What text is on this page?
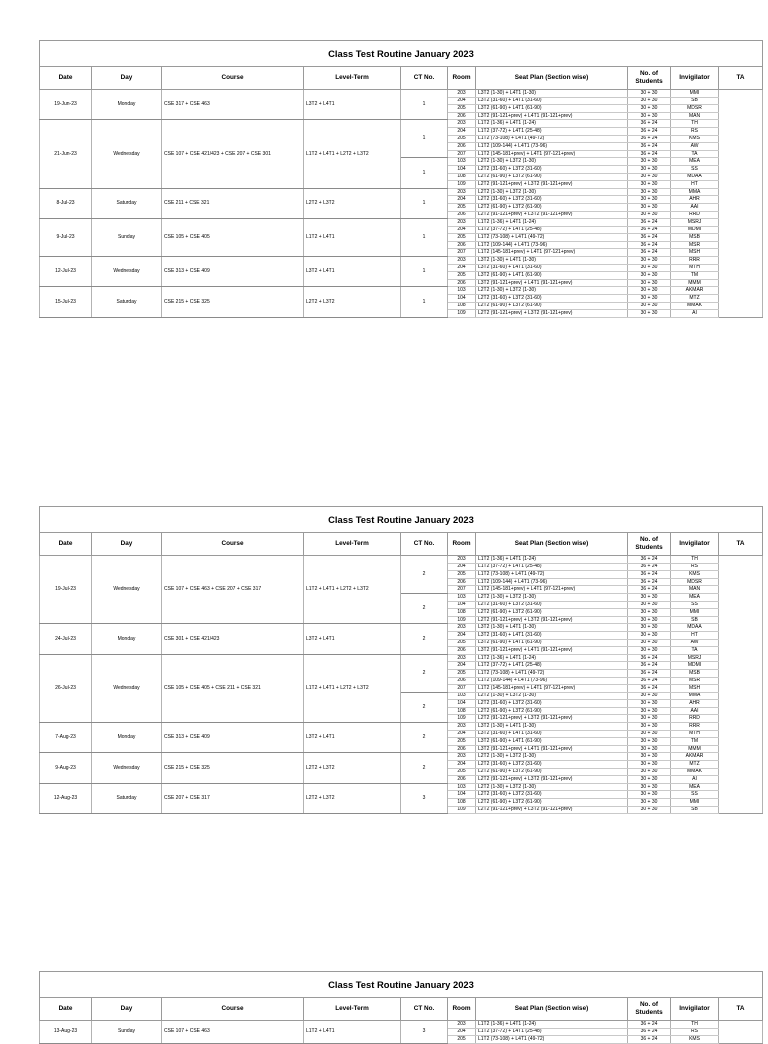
Class Test Routine January 2023									
Date	Day	Course	Level-Term	CT No.	Room	Seat Plan (Section wise)	No. of Students	Invigilator	TA
19-Jun-23	Monday	CSE 317 + CSE 463	L3T2 + L4T1	1	203	L3T2 (1-30) + L4T1 (1-30)	30 + 30	MMI	
					204	L3T2 (31-60) + L4T1 (31-60)	30 + 30	SB	
					205	L3T2 (61-90) + L4T1 (61-90)	30 + 30	MDSR	
					206	L3T2 (91-121+prev) + L4T1 (91-121+prev)	30 + 30	MAN	
21-Jun-23	Wednesday	CSE 107 + CSE 421/423 + CSE 207 + CSE 301	L1T2 + L4T1 + L2T2 + L3T2	1	203	L1T2 (1-36) + L4T1 (1-24)	36 + 24	TH	
					204	L1T2 (37-72) + L4T1 (25-48)	36 + 24	RS	
					205	L1T2 (73-108) + L4T1 (49-72)	36 + 24	KMS	
					206	L1T2 (109-144) + L4T1 (73-96)	36 + 24	AW	
					207	L1T2 (145-181+prev) + L4T1 (97-121+prev)	36 + 24	TA	
				1	103	L2T2 (1-30) + L3T2 (1-30)	30 + 30	MEA	
					104	L2T2 (31-60) + L3T2 (31-60)	30 + 30	SS	
					108	L2T2 (61-90) + L3T2 (61-90)	30 + 30	MDAA	
					109	L2T2 (91-121+prev) + L3T2 (91-121+prev)	30 + 30	HT	
8-Jul-23	Saturday	CSE 211 + CSE 321	L2T2 + L3T2	1	203	L2T2 (1-30) + L3T2 (1-30)	30 + 30	MMA	
					204	L2T2 (31-60) + L3T2 (31-60)	30 + 30	AHR	
					205	L2T2 (61-90) + L3T2 (61-90)	30 + 30	AAI	
					206	L2T2 (91-121+prev) + L3T2 (91-121+prev)	30 + 30	RRD	
9-Jul-23	Sunday	CSE 105 + CSE 405	L1T2 + L4T1	1	203	L1T2 (1-36) + L4T1 (1-24)	36 + 24	MSRJ	
					204	L1T2 (37-72) + L4T1 (25-48)	36 + 24	MDMI	
					205	L1T2 (73-108) + L4T1 (49-72)	36 + 24	MSB	
					206	L1T2 (109-144) + L4T1 (73-96)	36 + 24	MSR	
					207	L1T2 (145-181+prev) + L4T1 (97-121+prev)	36 + 24	MSH	
12-Jul-23	Wednesday	CSE 313 + CSE 409	L3T2 + L4T1	1	203	L3T2 (1-30) + L4T1 (1-30)	30 + 30	RRR	
					204	L3T2 (31-60) + L4T1 (31-60)	30 + 30	MTH	
					205	L3T2 (61-90) + L4T1 (61-90)	30 + 30	TM	
					206	L3T2 (91-121+prev) + L4T1 (91-121+prev)	30 + 30	MMM	
15-Jul-23	Saturday	CSE 215 + CSE 325	L2T2 + L3T2	1	103	L2T2 (1-30) + L3T2 (1-30)	30 + 30	AKMAR	
					104	L2T2 (31-60) + L3T2 (31-60)	30 + 30	MTZ	
					108	L2T2 (61-90) + L3T2 (61-90)	30 + 30	MMAK	
					109	L2T2 (91-121+prev) + L3T2 (91-121+prev)	30 + 30	AI	
Class Test Routine January 2023									
Date	Day	Course	Level-Term	CT No.	Room	Seat Plan (Section wise)	No. of Students	Invigilator	TA
19-Jul-23	Wednesday	CSE 107 + CSE 463 + CSE 207 + CSE 317	L1T2 + L4T1 + L2T2 + L3T2	2	203	L1T2 (1-36) + L4T1 (1-24)	36 + 24	TH	
					204	L1T2 (37-72) + L4T1 (25-48)	36 + 24	RS	
					205	L1T2 (73-108) + L4T1 (49-72)	36 + 24	KMS	
					206	L1T2 (109-144) + L4T1 (73-96)	36 + 24	MDSR	
					207	L1T2 (145-181+prev) + L4T1 (97-121+prev)	36 + 24	MAN	
				2	103	L2T2 (1-30) + L3T2 (1-30)	30 + 30	MEA	
					104	L2T2 (31-60) + L3T2 (31-60)	30 + 30	SS	
					108	L2T2 (61-90) + L3T2 (61-90)	30 + 30	MMI	
					109	L2T2 (91-121+prev) + L3T2 (91-121+prev)	30 + 30	SB	
24-Jul-23	Monday	CSE 301 + CSE 421/423	L3T2 + L4T1	2	203	L3T2 (1-30) + L4T1 (1-30)	30 + 30	MDAA	
					204	L3T2 (31-60) + L4T1 (31-60)	30 + 30	HT	
					205	L3T2 (61-90) + L4T1 (61-90)	30 + 30	AW	
					206	L3T2 (91-121+prev) + L4T1 (91-121+prev)	30 + 30	TA	
26-Jul-23	Wednesday	CSE 105 + CSE 405 + CSE 211 + CSE 321	L1T2 + L4T1 + L2T2 + L3T2	2	203	L1T2 (1-36) + L4T1 (1-24)	36 + 24	MSRJ	
					204	L1T2 (37-72) + L4T1 (25-48)	36 + 24	MDMI	
					205	L1T2 (73-108) + L4T1 (49-72)	36 + 24	MSB	
					206	L1T2 (109-144) + L4T1 (73-96)	36 + 24	MSR	
					207	L1T2 (145-181+prev) + L4T1 (97-121+prev)	36 + 24	MSH	
				2	103	L2T2 (1-30) + L3T2 (1-30)	30 + 30	MMA	
					104	L2T2 (31-60) + L3T2 (31-60)	30 + 30	AHR	
					108	L2T2 (61-90) + L3T2 (61-90)	30 + 30	AAI	
					109	L2T2 (91-121+prev) + L3T2 (91-121+prev)	30 + 30	RRD	
7-Aug-23	Monday	CSE 313 + CSE 409	L3T2 + L4T1	2	203	L3T2 (1-30) + L4T1 (1-30)	30 + 30	RRR	
					204	L3T2 (31-60) + L4T1 (31-60)	30 + 30	MTH	
					205	L3T2 (61-90) + L4T1 (61-90)	30 + 30	TM	
					206	L3T2 (91-121+prev) + L4T1 (91-121+prev)	30 + 30	MMM	
9-Aug-23	Wednesday	CSE 215 + CSE 325	L2T2 + L3T2	2	203	L2T2 (1-30) + L3T2 (1-30)	30 + 30	AKMAR	
					204	L2T2 (31-60) + L3T2 (31-60)	30 + 30	MTZ	
					205	L2T2 (61-90) + L3T2 (61-90)	30 + 30	MMAK	
					206	L2T2 (91-121+prev) + L3T2 (91-121+prev)	30 + 30	AI	
12-Aug-23	Saturday	CSE 207 + CSE 317	L2T2 + L3T2	3	103	L2T2 (1-30) + L3T2 (1-30)	30 + 30	MEA	
					104	L2T2 (31-60) + L3T2 (31-60)	30 + 30	SS	
					108	L2T2 (61-90) + L3T2 (61-90)	30 + 30	MMI	
					109	L2T2 (91-121+prev) + L3T2 (91-121+prev)	30 + 30	SB	
Class Test Routine January 2023									
Date	Day	Course	Level-Term	CT No.	Room	Seat Plan (Section wise)	No. of Students	Invigilator	TA
13-Aug-23	Sunday	CSE 107 + CSE 463	L1T2 + L4T1	3	203	L1T2 (1-36) + L4T1 (1-24)	36 + 24	TH	
					204	L1T2 (37-72) + L4T1 (25-48)	36 + 24	RS	
					205	L1T2 (73-108) + L4T1 (49-72)	36 + 24	KMS	
